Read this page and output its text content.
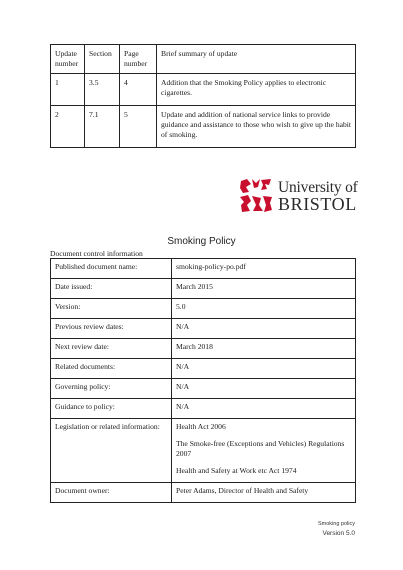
Update number	Section	Page number	Brief summary of update
1	3.5	4	Addition that the Smoking Policy applies to electronic cigarettes.
2	7.1	5	Update and addition of national service links to provide guidance and assistance to those who wish to give up the habit of smoking.
University of
BRISTOL
Smoking Policy
Document control information
Published document name:	smoking-policy-po.pdf
Date issued:	March 2015
Version:	5.0
Previous review dates:	N/A
Next review date:	March 2018
Related documents:	N/A
Governing policy:	N/A
Guidance to policy:	N/A
Legislation or related information:	Health Act 2006
The Smoke-free (Exceptions and Vehicles) Regulations 2007
Health and Safety at Work etc Act 1974

Document owner:	Peter Adams, Director of Health and Safety
Smoking policy
Version 5.0
